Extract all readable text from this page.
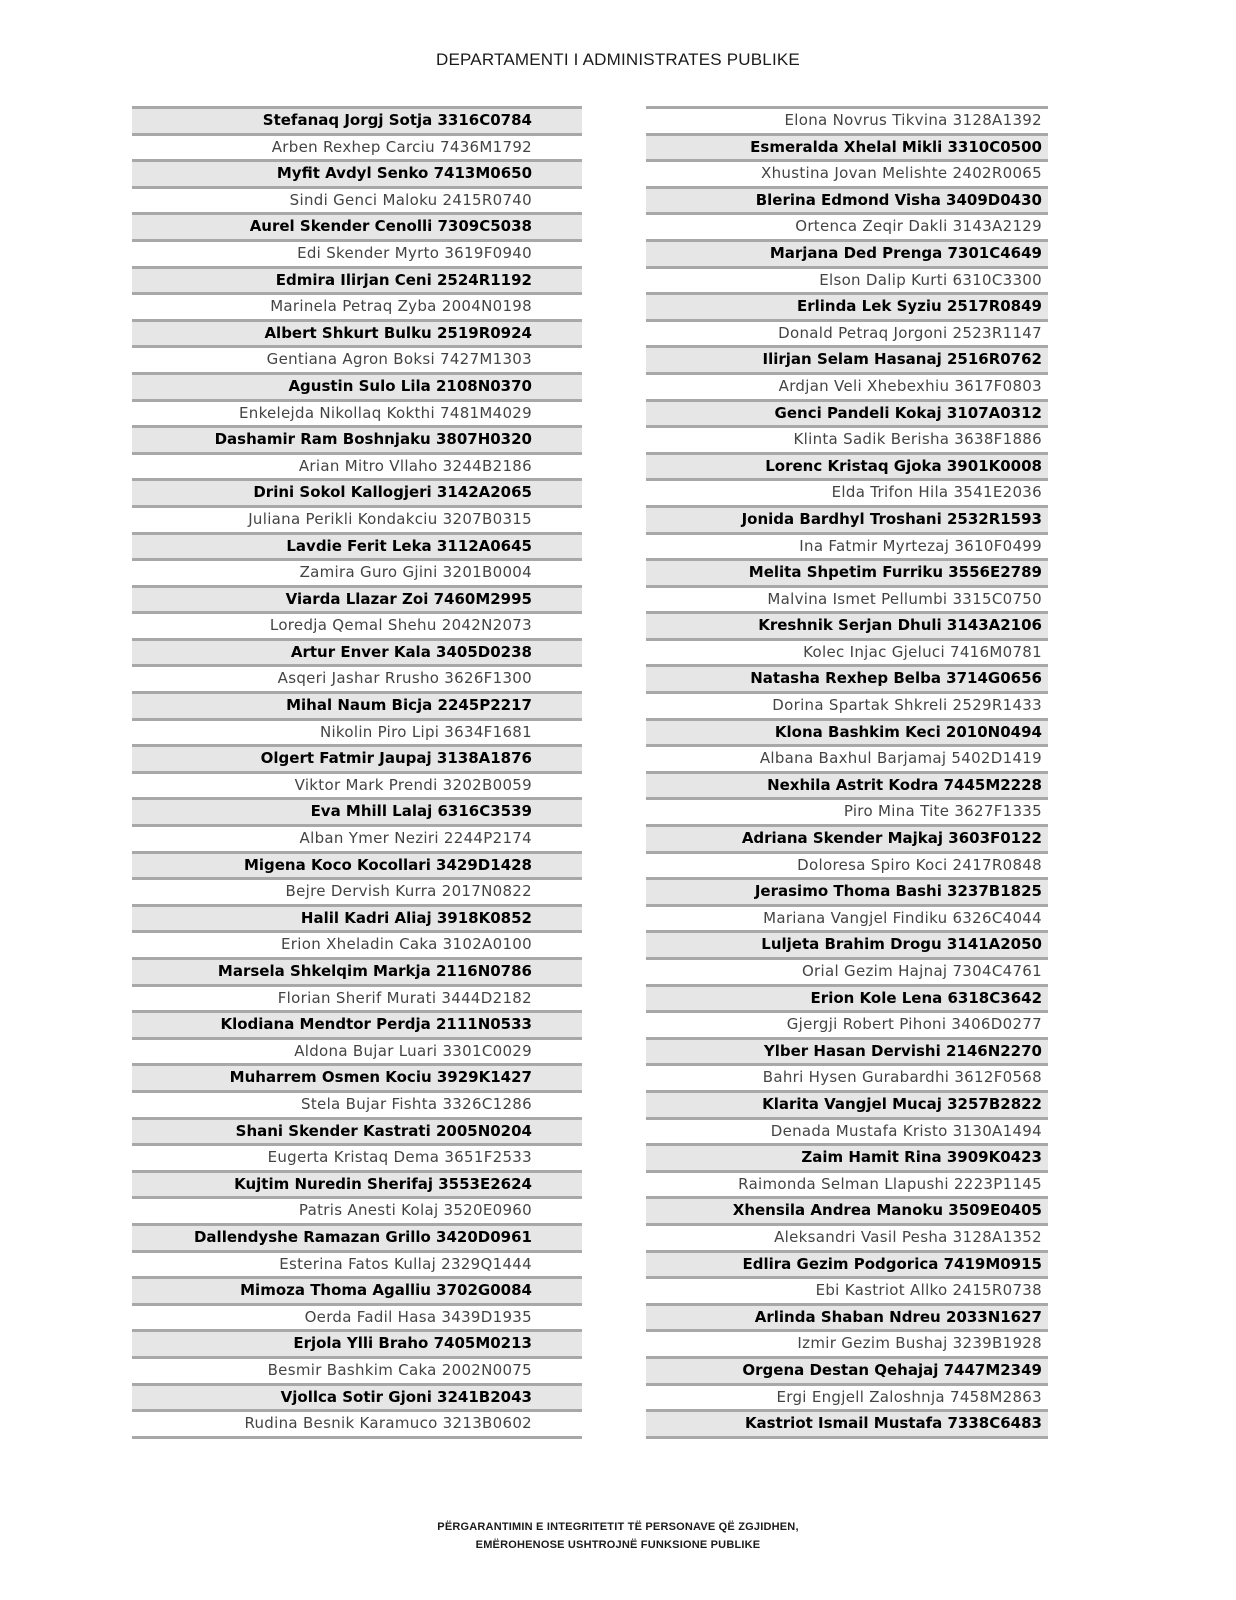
DEPARTAMENTI I ADMINISTRATES PUBLIKE
Stefanaq Jorgj Sotja 3316C0784
Arben Rexhep Carciu 7436M1792
Myfit Avdyl Senko 7413M0650
Sindi Genci Maloku 2415R0740
Aurel Skender Cenolli 7309C5038
Edi Skender Myrto 3619F0940
Edmira Ilirjan Ceni 2524R1192
Marinela Petraq Zyba 2004N0198
Albert Shkurt Bulku 2519R0924
Gentiana Agron Boksi 7427M1303
Agustin Sulo Lila 2108N0370
Enkelejda Nikollaq Kokthi 7481M4029
Dashamir Ram Boshnjaku 3807H0320
Arian Mitro Vllaho 3244B2186
Drini Sokol Kallogjeri 3142A2065
Juliana Perikli Kondakciu 3207B0315
Lavdie Ferit Leka 3112A0645
Zamira Guro Gjini 3201B0004
Viarda Llazar Zoi 7460M2995
Loredja Qemal Shehu 2042N2073
Artur Enver Kala 3405D0238
Asqeri Jashar Rrusho 3626F1300
Mihal Naum Bicja 2245P2217
Nikolin Piro Lipi 3634F1681
Olgert Fatmir Jaupaj 3138A1876
Viktor Mark Prendi 3202B0059
Eva Mhill Lalaj 6316C3539
Alban Ymer Neziri 2244P2174
Migena Koco Kocollari 3429D1428
Bejre Dervish Kurra 2017N0822
Halil Kadri Aliaj 3918K0852
Erion Xheladin Caka 3102A0100
Marsela Shkelqim Markja 2116N0786
Florian Sherif Murati 3444D2182
Klodiana Mendtor Perdja 2111N0533
Aldona Bujar Luari 3301C0029
Muharrem Osmen Kociu 3929K1427
Stela Bujar Fishta 3326C1286
Shani Skender Kastrati 2005N0204
Eugerta Kristaq Dema 3651F2533
Kujtim Nuredin Sherifaj 3553E2624
Patris Anesti Kolaj 3520E0960
Dallendyshe Ramazan Grillo 3420D0961
Esterina Fatos Kullaj 2329Q1444
Mimoza Thoma Agalliu 3702G0084
Oerda Fadil Hasa 3439D1935
Erjola Ylli Braho 7405M0213
Besmir Bashkim Caka 2002N0075
Vjollca Sotir Gjoni 3241B2043
Rudina Besnik Karamuco 3213B0602
Elona Novrus Tikvina 3128A1392
Esmeralda Xhelal Mikli 3310C0500
Xhustina Jovan Melishte 2402R0065
Blerina Edmond Visha 3409D0430
Ortenca Zeqir Dakli 3143A2129
Marjana Ded Prenga 7301C4649
Elson Dalip Kurti 6310C3300
Erlinda Lek Syziu 2517R0849
Donald Petraq Jorgoni 2523R1147
Ilirjan Selam Hasanaj 2516R0762
Ardjan Veli Xhebexhiu 3617F0803
Genci Pandeli Kokaj 3107A0312
Klinta Sadik Berisha 3638F1886
Lorenc Kristaq Gjoka 3901K0008
Elda Trifon Hila 3541E2036
Jonida Bardhyl Troshani 2532R1593
Ina Fatmir Myrtezaj 3610F0499
Melita Shpetim Furriku 3556E2789
Malvina Ismet Pellumbi 3315C0750
Kreshnik Serjan Dhuli 3143A2106
Kolec Injac Gjeluci 7416M0781
Natasha Rexhep Belba 3714G0656
Dorina Spartak Shkreli 2529R1433
Klona Bashkim Keci 2010N0494
Albana Baxhul Barjamaj 5402D1419
Nexhila Astrit Kodra 7445M2228
Piro Mina Tite 3627F1335
Adriana Skender Majkaj 3603F0122
Doloresa Spiro Koci 2417R0848
Jerasimo Thoma Bashi 3237B1825
Mariana Vangjel Findiku 6326C4044
Luljeta Brahim Drogu 3141A2050
Orial Gezim Hajnaj 7304C4761
Erion Kole Lena 6318C3642
Gjergji Robert Pihoni 3406D0277
Ylber Hasan Dervishi 2146N2270
Bahri Hysen Gurabardhi 3612F0568
Klarita Vangjel Mucaj 3257B2822
Denada Mustafa Kristo 3130A1494
Zaim Hamit Rina 3909K0423
Raimonda Selman Llapushi 2223P1145
Xhensila Andrea Manoku 3509E0405
Aleksandri Vasil Pesha 3128A1352
Edlira Gezim Podgorica 7419M0915
Ebi Kastriot Allko 2415R0738
Arlinda Shaban Ndreu 2033N1627
Izmir Gezim Bushaj 3239B1928
Orgena Destan Qehajaj 7447M2349
Ergi Engjell Zaloshnja 7458M2863
Kastriot Ismail Mustafa 7338C6483
PËRGARANTIMIN E INTEGRITETIT TË PERSONAVE QË ZGJIDHEN,
EMËROHENOSE USHTROJNË FUNKSIONE PUBLIKE
